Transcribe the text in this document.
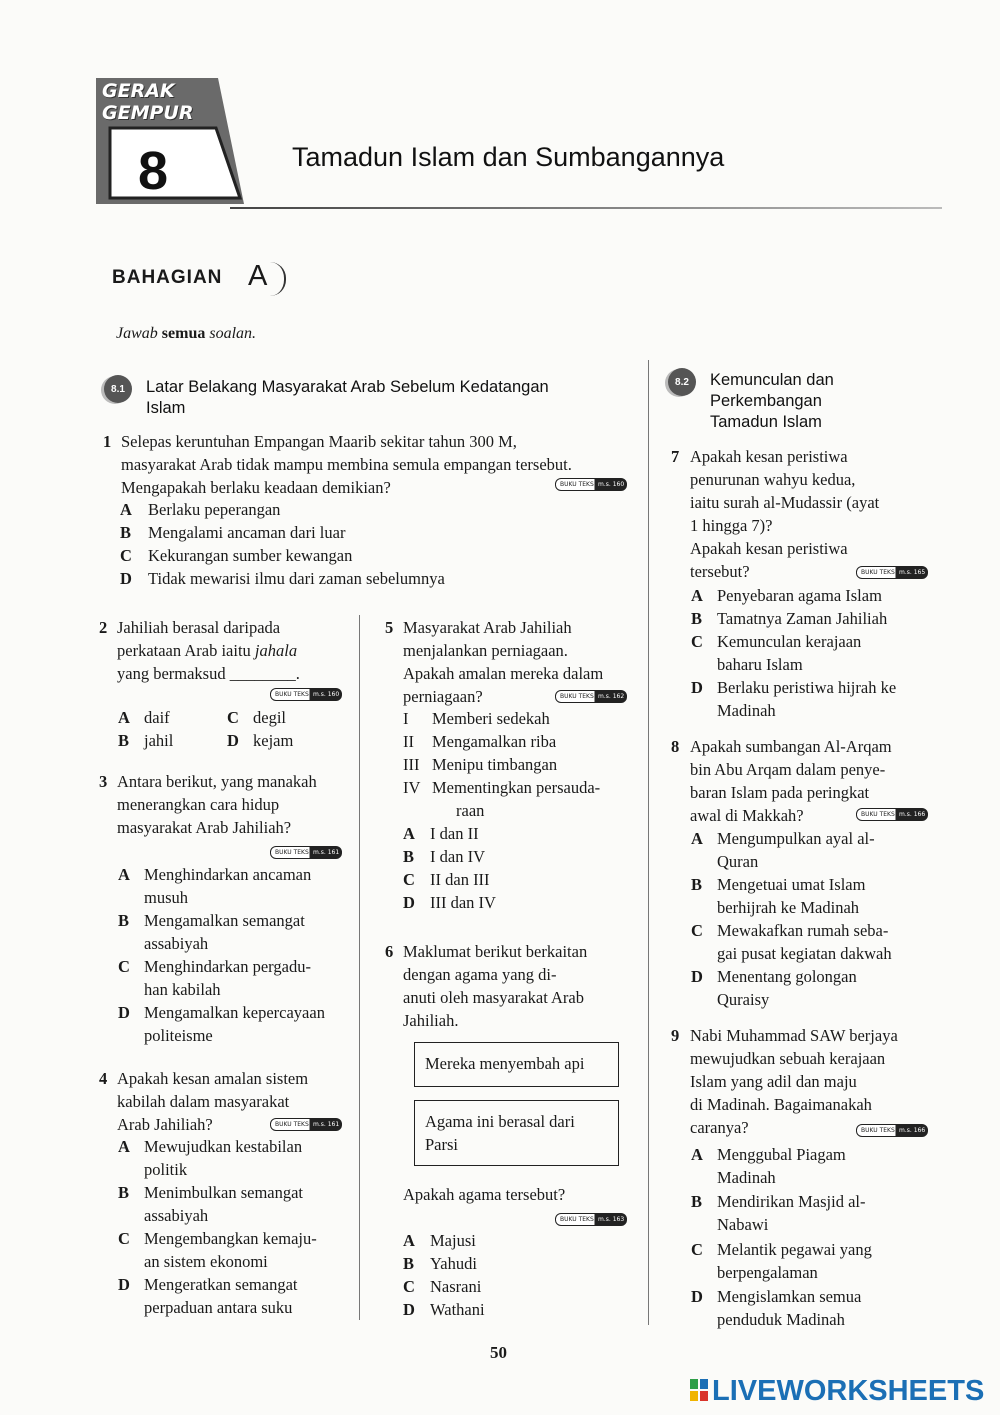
GERAK
GEMPUR
8	Tamadun Islam dan Sumbangannya
BAHAGIAN A
Jawab semua soalan.
8.1	Latar Belakang Masyarakat Arab Sebelum Kedatangan
Islam
1 Selepas keruntuhan Empangan Maarib sekitar tahun 300 M,
masyarakat Arab tidak mampu membina semula empangan tersebut.
Mengapakah berlaku keadaan demikian?	BUKU TEKS m.s. 160
A Berlaku peperangan
B Mengalami ancaman dari luar
C Kekurangan sumber kewangan
D Tidak mewarisi ilmu dari zaman sebelumnya
2 Jahiliah berasal daripada
perkataan Arab iaitu jahala
yang bermaksud ________.
BUKU TEKS m.s. 160
A daif	C degil
B jahil	D kejam
3 Antara berikut, yang manakah
menerangkan cara hidup
masyarakat Arab Jahiliah?
BUKU TEKS m.s. 161
A Menghindarkan ancaman
musuh
B Mengamalkan semangat
assabiyah
C Menghindarkan pergadu-
han kabilah
D Mengamalkan kepercayaan
politeisme
4 Apakah kesan amalan sistem
kabilah dalam masyarakat
Arab Jahiliah?	BUKU TEKS m.s. 161
A Mewujudkan kestabilan
politik
B Menimbulkan semangat
assabiyah
C Mengembangkan kemaju-
an sistem ekonomi
D Mengeratkan semangat
perpaduan antara suku
5 Masyarakat Arab Jahiliah
menjalankan perniagaan.
Apakah amalan mereka dalam
perniagaan?	BUKU TEKS m.s. 162
I Memberi sedekah
II Mengamalkan riba
III Menipu timbangan
IV Mementingkan persauda-
raan
A I dan II
B I dan IV
C II dan III
D III dan IV
6 Maklumat berikut berkaitan
dengan agama yang di-
anuti oleh masyarakat Arab
Jahiliah.
Mereka menyembah api
Agama ini berasal dari
Parsi
Apakah agama tersebut?
BUKU TEKS m.s. 163
A Majusi
B Yahudi
C Nasrani
D Wathani
8.2	Kemunculan dan
Perkembangan
Tamadun Islam
7 Apakah kesan peristiwa
penurunan wahyu kedua,
iaitu surah al-Mudassir (ayat
1 hingga 7)?
Apakah kesan peristiwa
tersebut?	BUKU TEKS m.s. 165
A Penyebaran agama Islam
B Tamatnya Zaman Jahiliah
C Kemunculan kerajaan
baharu Islam
D Berlaku peristiwa hijrah ke
Madinah
8 Apakah sumbangan Al-Arqam
bin Abu Arqam dalam penye-
baran Islam pada peringkat
awal di Makkah?	BUKU TEKS m.s. 166
A Mengumpulkan ayal al-
Quran
B Mengetuai umat Islam
berhijrah ke Madinah
C Mewakafkan rumah seba-
gai pusat kegiatan dakwah
D Menentang golongan
Quraisy
9 Nabi Muhammad SAW berjaya
mewujudkan sebuah kerajaan
Islam yang adil dan maju
di Madinah. Bagaimanakah
caranya?	BUKU TEKS m.s. 166
A Menggubal Piagam
Madinah
B Mendirikan Masjid al-
Nabawi
C Melantik pegawai yang
berpengalaman
D Mengislamkan semua
penduduk Madinah
50
LIVEWORKSHEETS
